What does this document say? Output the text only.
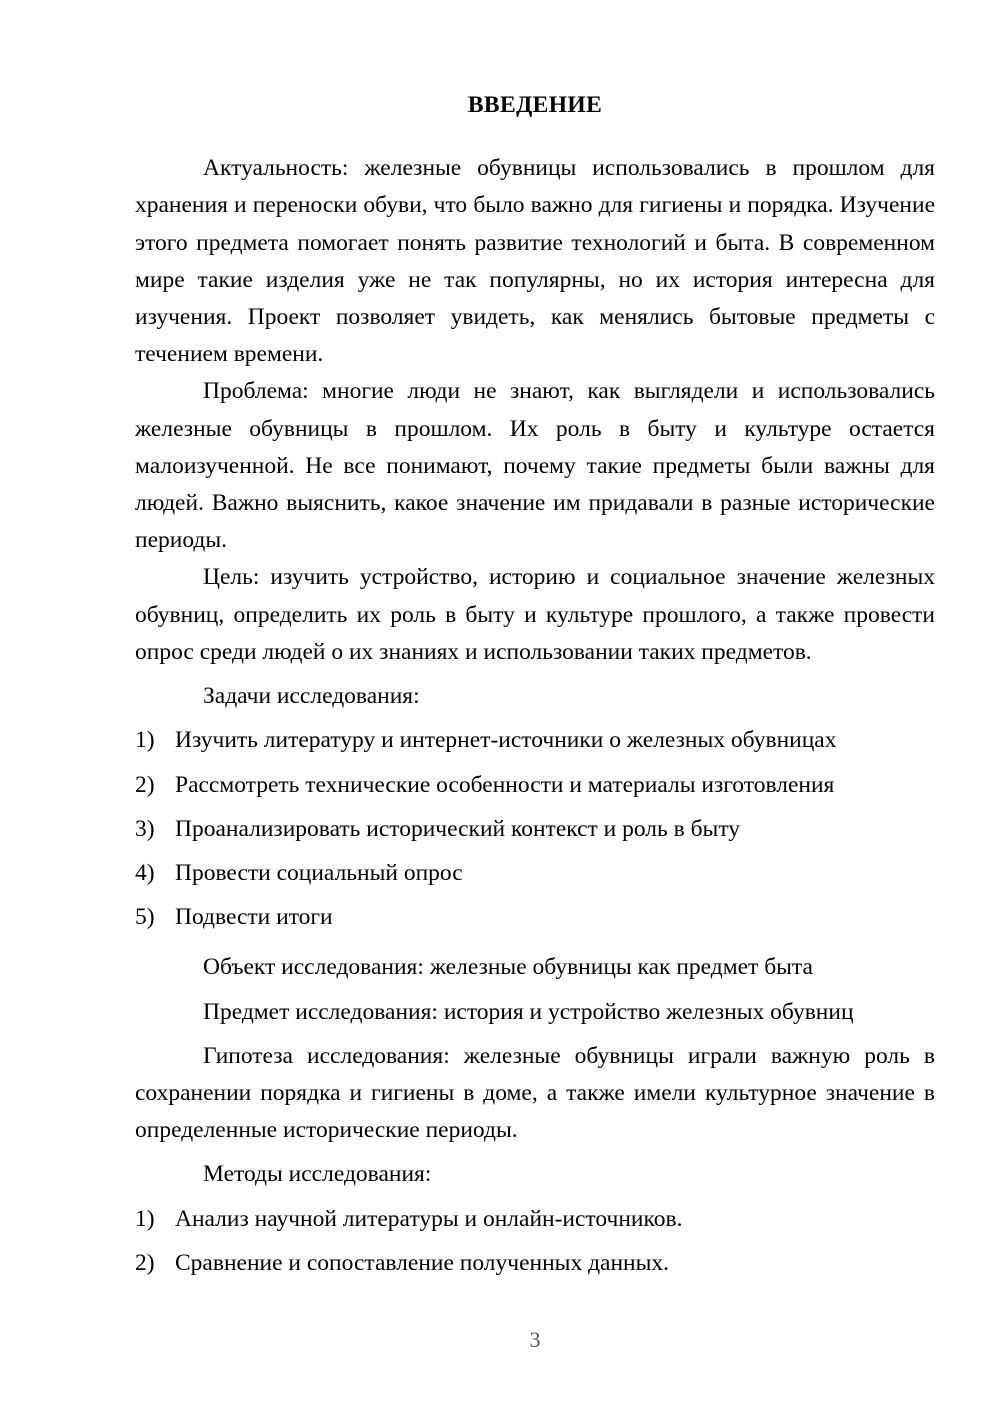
ВВЕДЕНИЕ

Актуальность: железные обувницы использовались в прошлом для хранения и переноски обуви, что было важно для гигиены и порядка. Изучение этого предмета помогает понять развитие технологий и быта. В современном мире такие изделия уже не так популярны, но их история интересна для изучения. Проект позволяет увидеть, как менялись бытовые предметы с течением времени.

Проблема: многие люди не знают, как выглядели и использовались железные обувницы в прошлом. Их роль в быту и культуре остается малоизученной. Не все понимают, почему такие предметы были важны для людей. Важно выяснить, какое значение им придавали в разные исторические периоды.

Цель: изучить устройство, историю и социальное значение железных обувниц, определить их роль в быту и культуре прошлого, а также провести опрос среди людей о их знаниях и использовании таких предметов.

Задачи исследования:

1) Изучить литературу и интернет-источники о железных обувницах
2) Рассмотреть технические особенности и материалы изготовления
3) Проанализировать исторический контекст и роль в быту
4) Провести социальный опрос
5) Подвести итоги

Объект исследования: железные обувницы как предмет быта

Предмет исследования: история и устройство железных обувниц

Гипотеза исследования: железные обувницы играли важную роль в сохранении порядка и гигиены в доме, а также имели культурное значение в определенные исторические периоды.

Методы исследования:

1) Анализ научной литературы и онлайн-источников.
2) Сравнение и сопоставление полученных данных.
3
